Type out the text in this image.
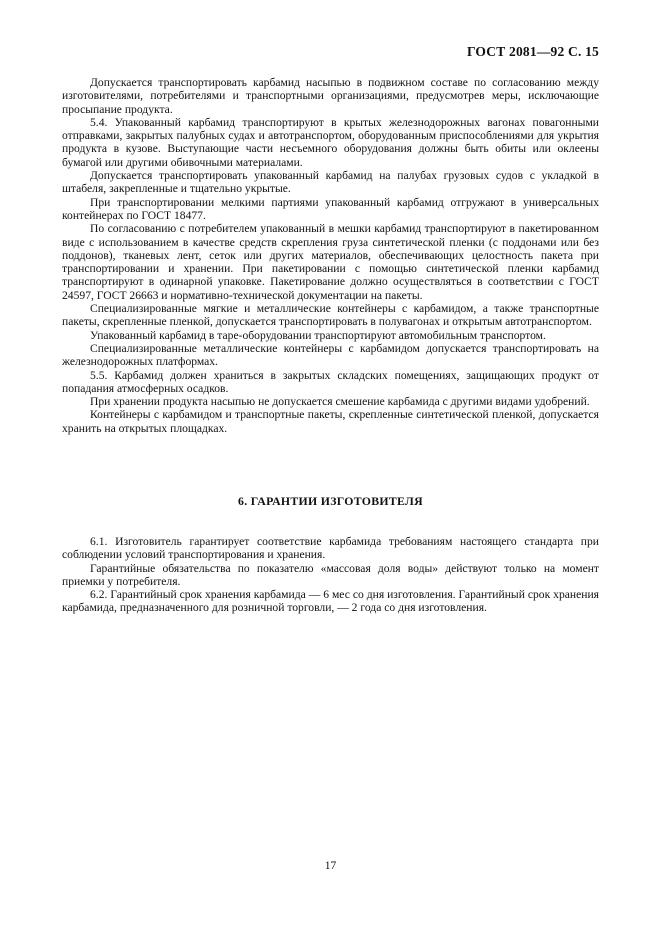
ГОСТ 2081—92 С. 15

Допускается транспортировать карбамид насыпью в подвижном составе по согласованию между изготовителями, потребителями и транспортными организациями, предусмотрев меры, исключающие просыпание продукта.

5.4. Упакованный карбамид транспортируют в крытых железнодорожных вагонах повагонными отправками, закрытых палубных судах и автотранспортом, оборудованным приспособлениями для укрытия продукта в кузове. Выступающие части несъемного оборудования должны быть обиты или оклеены бумагой или другими обивочными материалами.

Допускается транспортировать упакованный карбамид на палубах грузовых судов с укладкой в штабеля, закрепленные и тщательно укрытые.

При транспортировании мелкими партиями упакованный карбамид отгружают в универсальных контейнерах по ГОСТ 18477.

По согласованию с потребителем упакованный в мешки карбамид транспортируют в пакетированном виде с использованием в качестве средств скрепления груза синтетической пленки (с поддонами или без поддонов), тканевых лент, сеток или других материалов, обеспечивающих целостность пакета при транспортировании и хранении. При пакетировании с помощью синтетической пленки карбамид транспортируют в одинарной упаковке. Пакетирование должно осуществляться в соответствии с ГОСТ 24597, ГОСТ 26663 и нормативно-технической документации на пакеты.

Специализированные мягкие и металлические контейнеры с карбамидом, а также транспортные пакеты, скрепленные пленкой, допускается транспортировать в полувагонах и открытым автотранспортом.

Упакованный карбамид в таре-оборудовании транспортируют автомобильным транспортом.

Специализированные металлические контейнеры с карбамидом допускается транспортировать на железнодорожных платформах.

5.5. Карбамид должен храниться в закрытых складских помещениях, защищающих продукт от попадания атмосферных осадков.

При хранении продукта насыпью не допускается смешение карбамида с другими видами удобрений.

Контейнеры с карбамидом и транспортные пакеты, скрепленные синтетической пленкой, допускается хранить на открытых площадках.

6. ГАРАНТИИ ИЗГОТОВИТЕЛЯ

6.1. Изготовитель гарантирует соответствие карбамида требованиям настоящего стандарта при соблюдении условий транспортирования и хранения.

Гарантийные обязательства по показателю «массовая доля воды» действуют только на момент приемки у потребителя.

6.2. Гарантийный срок хранения карбамида — 6 мес со дня изготовления. Гарантийный срок хранения карбамида, предназначенного для розничной торговли, — 2 года со дня изготовления.

17
